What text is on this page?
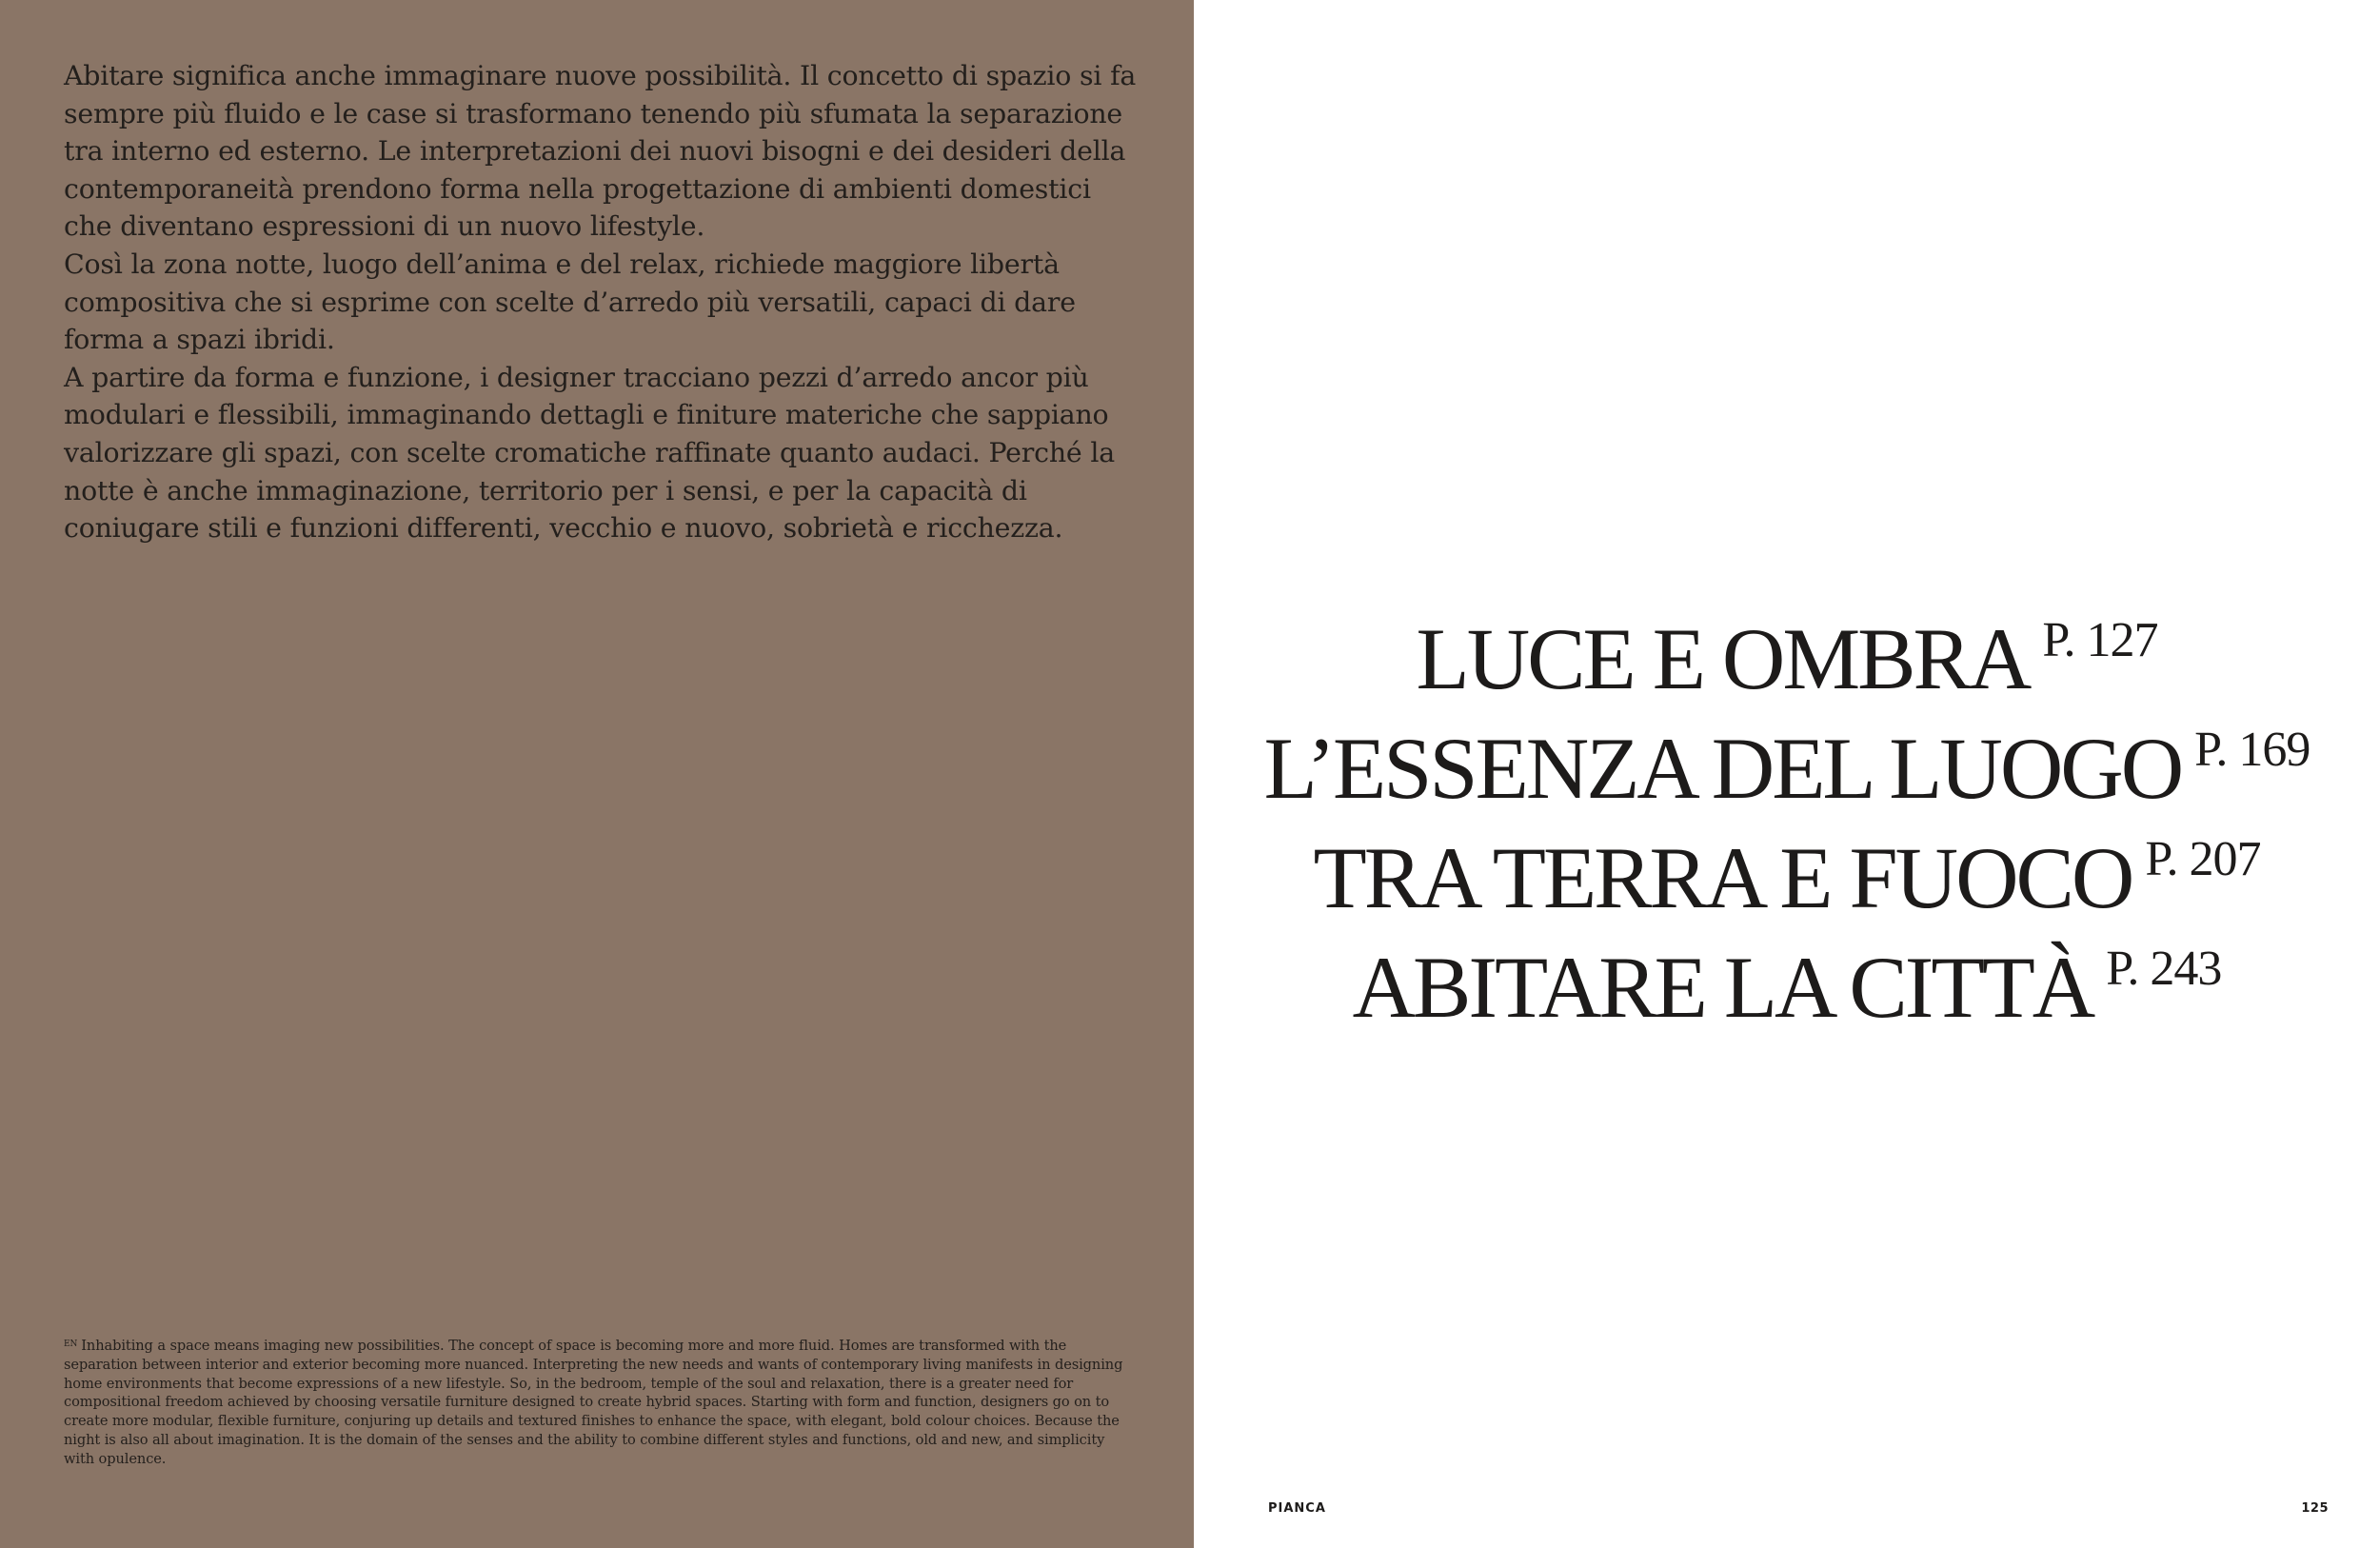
Abitare significa anche immaginare nuove possibilità. Il concetto di spazio si fa sempre più fluido e le case si trasformano tenendo più sfumata la separazione tra interno ed esterno. Le interpretazioni dei nuovi bisogni e dei desideri della contemporaneità prendono forma nella progettazione di ambienti domestici che diventano espressioni di un nuovo lifestyle.

Così la zona notte, luogo dell’anima e del relax, richiede maggiore libertà compositiva che si esprime con scelte d’arredo più versatili, capaci di dare forma a spazi ibridi.

A partire da forma e funzione, i designer tracciano pezzi d’arredo ancor più modulari e flessibili, immaginando dettagli e finiture materiche che sappiano valorizzare gli spazi, con scelte cromatiche raffinate quanto audaci. Perché la notte è anche immaginazione, territorio per i sensi, e per la capacità di coniugare stili e funzioni differenti, vecchio e nuovo, sobrietà e ricchezza.

$^{EN}$ Inhabiting a space means imaging new possibilities. The concept of space is becoming more and more fluid. Homes are transformed with the separation between interior and exterior becoming more nuanced. Interpreting the new needs and wants of contemporary living manifests in designing home environments that become expressions of a new lifestyle. So, in the bedroom, temple of the soul and relaxation, there is a greater need for compositional freedom achieved by choosing versatile furniture designed to create hybrid spaces. Starting with form and function, designers go on to create more modular, flexible furniture, conjuring up details and textured finishes to enhance the space, with elegant, bold colour choices. Because the night is also all about imagination. It is the domain of the senses and the ability to combine different styles and functions, old and new, and simplicity with opulence.

LUCE E OMBRA $^{P. 127}$
L’ESSENZA DEL LUOGO $^{P. 169}$
TRA TERRA E FUOCO $^{P. 207}$
ABITARE LA CITTÀ $^{P. 243}$
PIANCA	125
